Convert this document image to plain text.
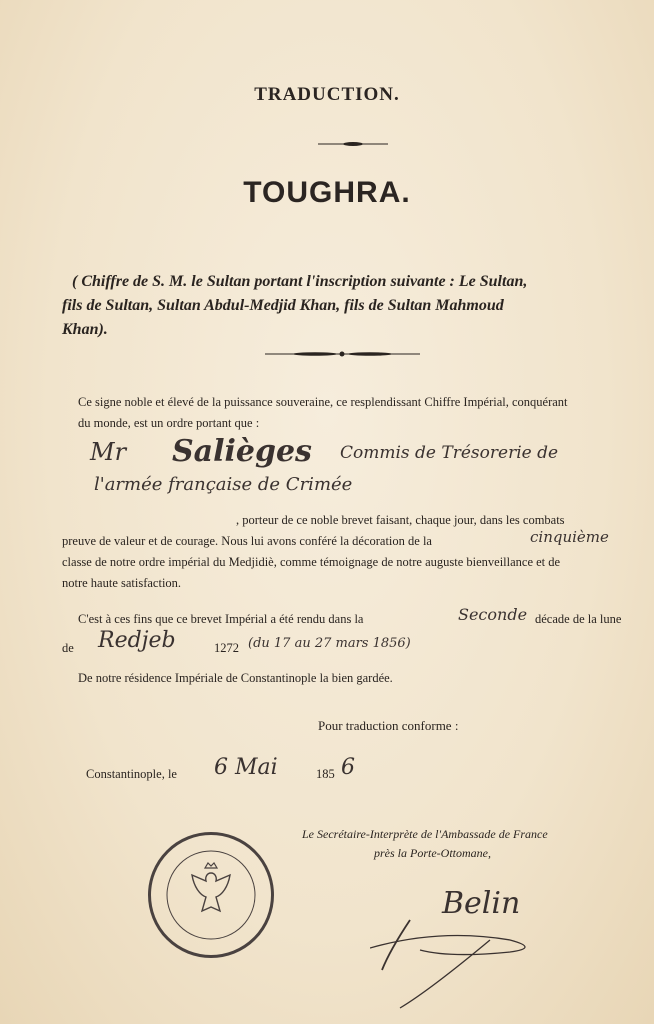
TRADUCTION.
TOUGHRA.
( Chiffre de S. M. le Sultan portant l'inscription suivante : Le Sultan,
fils de Sultan, Sultan Abdul-Medjid Khan, fils de Sultan Mahmoud
Khan).
Ce signe noble et élevé de la puissance souveraine, ce resplendissant Chiffre Impérial, conquérant
du monde, est un ordre portant que :
Mr Salièges Commis de Trésorerie de
l'armée française de Crimée
, porteur de ce noble brevet faisant, chaque jour, dans les combats
preuve de valeur et de courage. Nous lui avons conféré la décoration de la	cinquième
classe de notre ordre impérial du Medjidiè, comme témoignage de notre auguste bienveillance et de
notre haute satisfaction.
C'est à ces fins que ce brevet Impérial a été rendu dans la	Seconde décade de la lune
de Redjeb	1272 (du 17 au 27 mars 1856)
De notre résidence Impériale de Constantinople la bien gardée.
Pour traduction conforme :
Constantinople, le 6 Mai	185 6
Le Secrétaire-Interprète de l'Ambassade de France
près la Porte-Ottomane,
Belin
